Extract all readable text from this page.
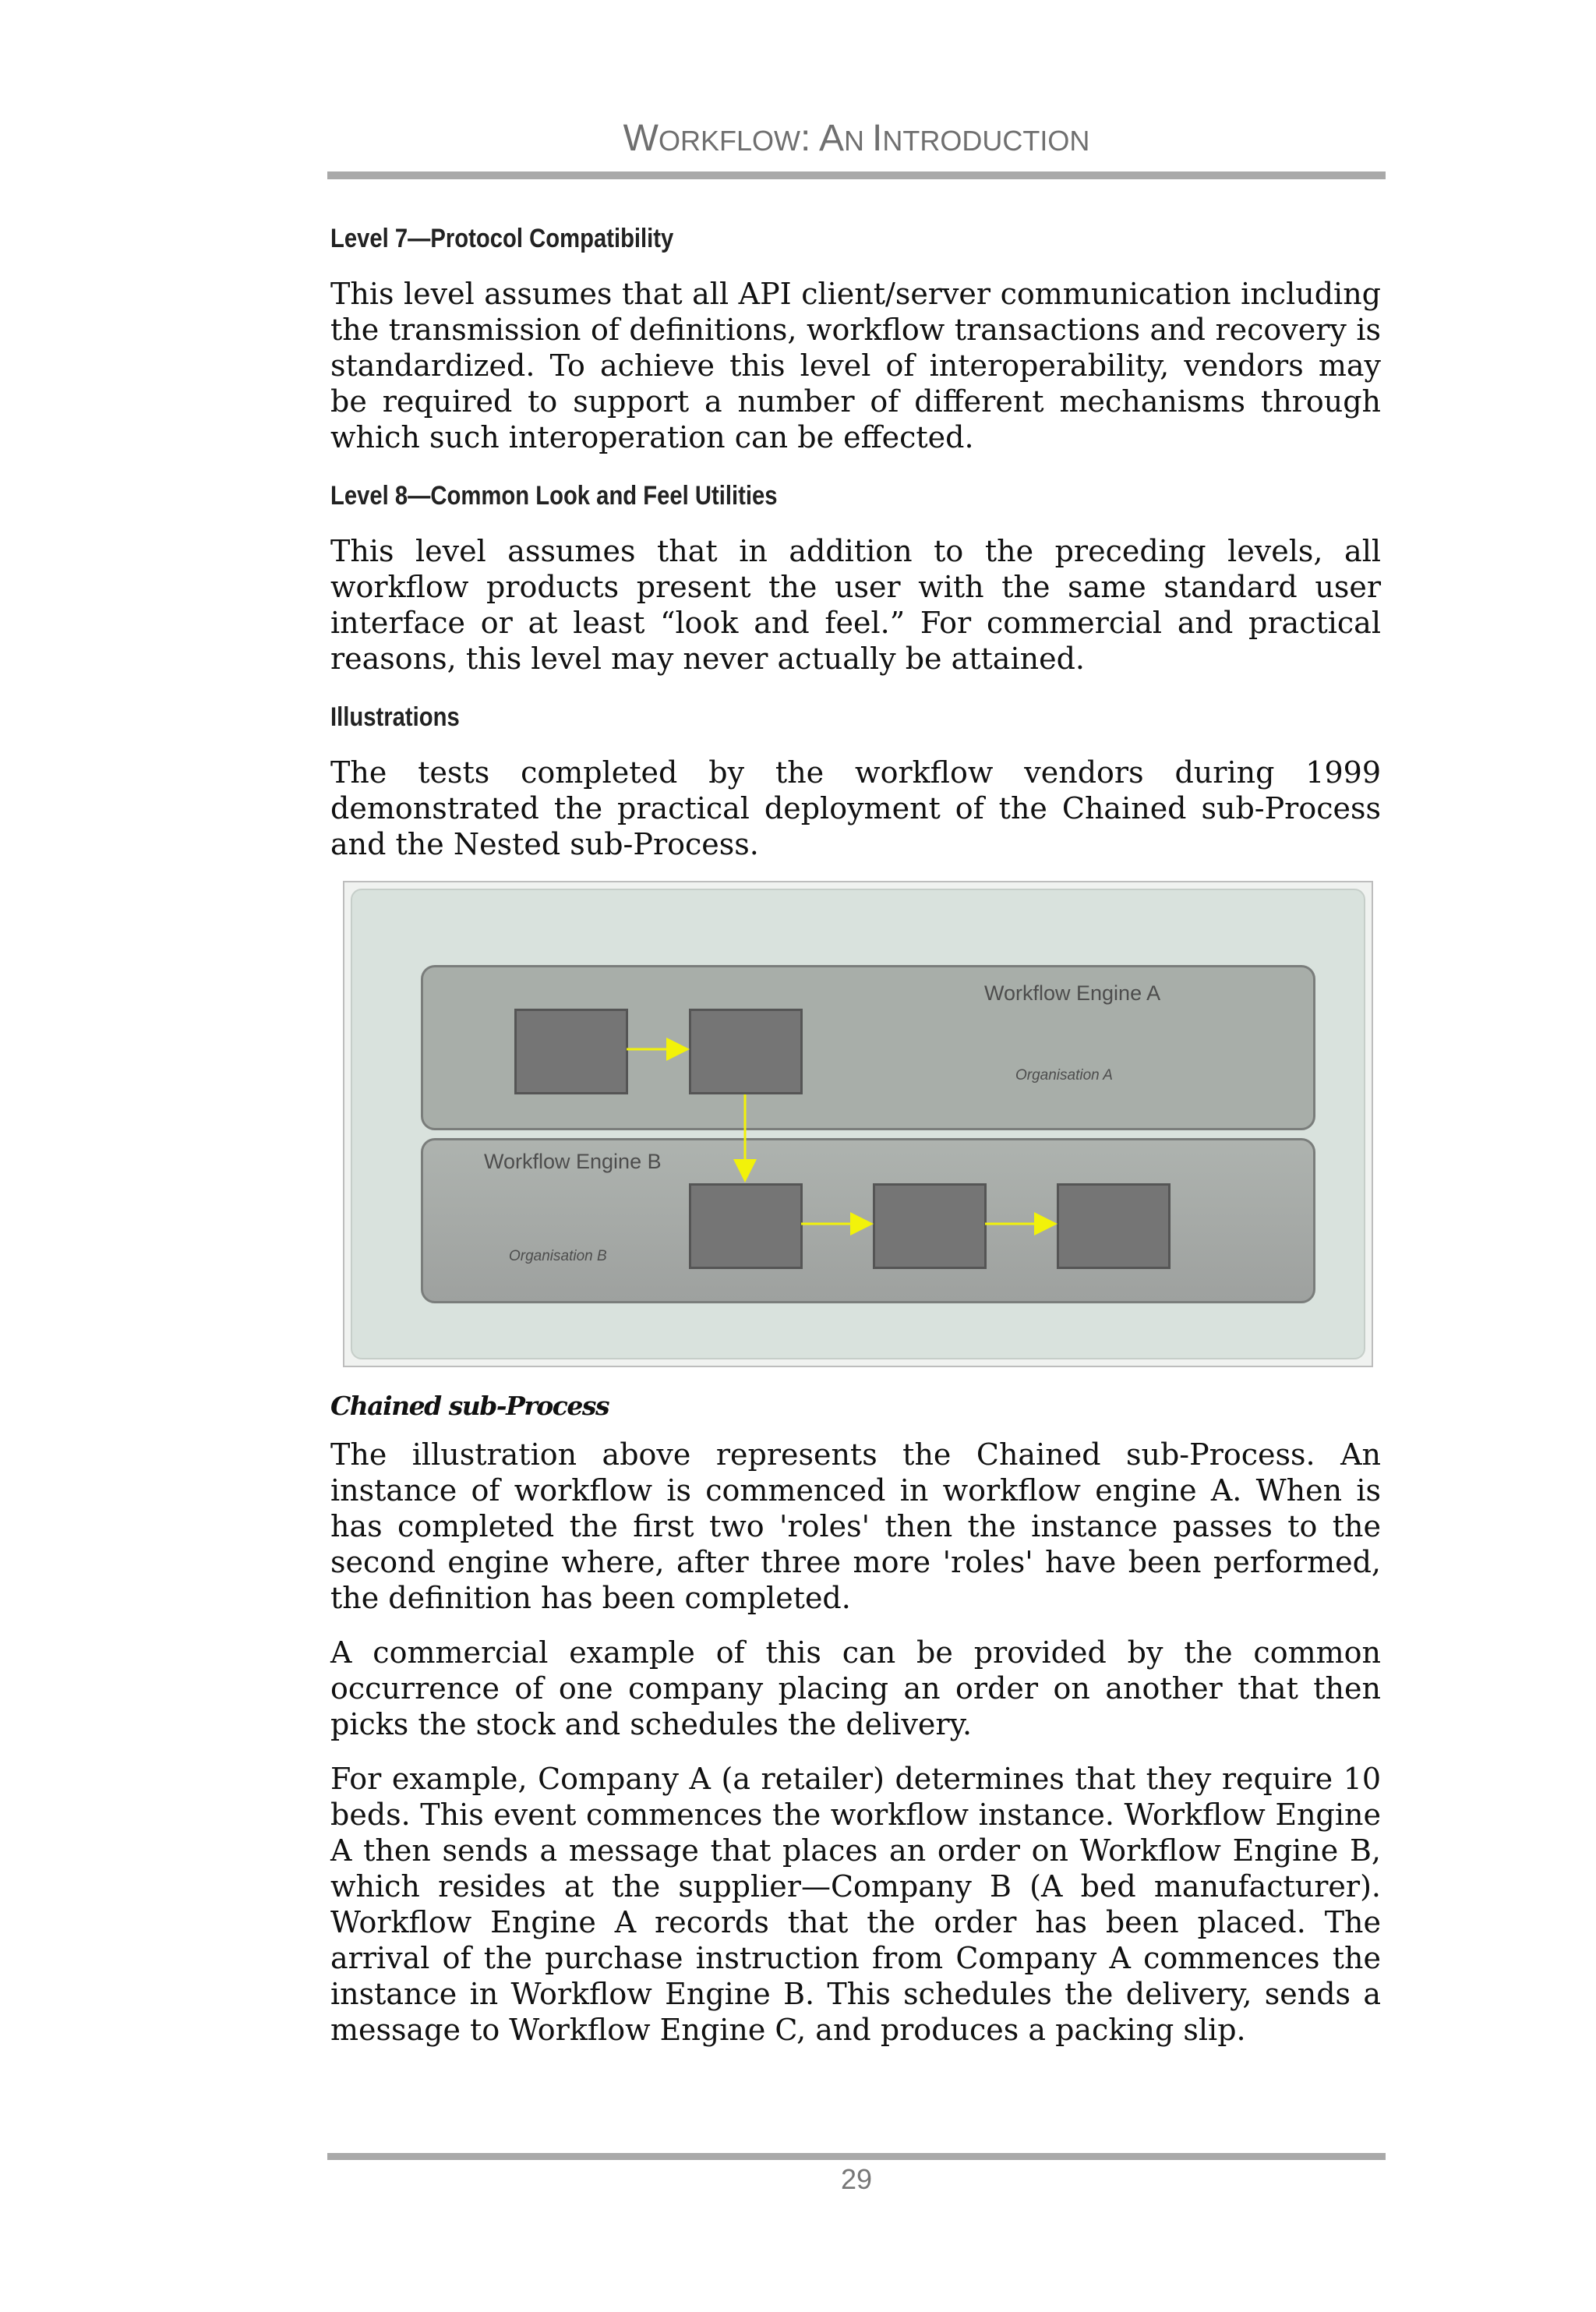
WORKFLOW: AN INTRODUCTION
Level 7—Protocol Compatibility

This level assumes that all API client/server communication including the transmission of definitions, workflow transactions and recovery is standardized. To achieve this level of interoperability, vendors may be required to support a number of different mechanisms through which such interoperation can be effected.

Level 8—Common Look and Feel Utilities

This level assumes that in addition to the preceding levels, all workflow products present the user with the same standard user interface or at least “look and feel.” For commercial and practical reasons, this level may never actually be attained.

Illustrations

The tests completed by the workflow vendors during 1999 demonstrated the practical deployment of the Chained sub-Process and the Nested sub-Process.

Workflow Engine A
Organisation A
Workflow Engine B
Organisation B

Chained sub-Process

The illustration above represents the Chained sub-Process. An instance of workflow is commenced in workflow engine A. When is has completed the first two 'roles' then the instance passes to the second engine where, after three more 'roles' have been performed, the definition has been completed.

A commercial example of this can be provided by the common occurrence of one company placing an order on another that then picks the stock and schedules the delivery.

For example, Company A (a retailer) determines that they require 10 beds. This event commences the workflow instance. Workflow Engine A then sends a message that places an order on Workflow Engine B, which resides at the supplier—Company B (A bed manufacturer). Workflow Engine A records that the order has been placed. The arrival of the purchase instruction from Company A commences the instance in Workflow Engine B. This schedules the delivery, sends a message to Workflow Engine C, and produces a packing slip.

29
